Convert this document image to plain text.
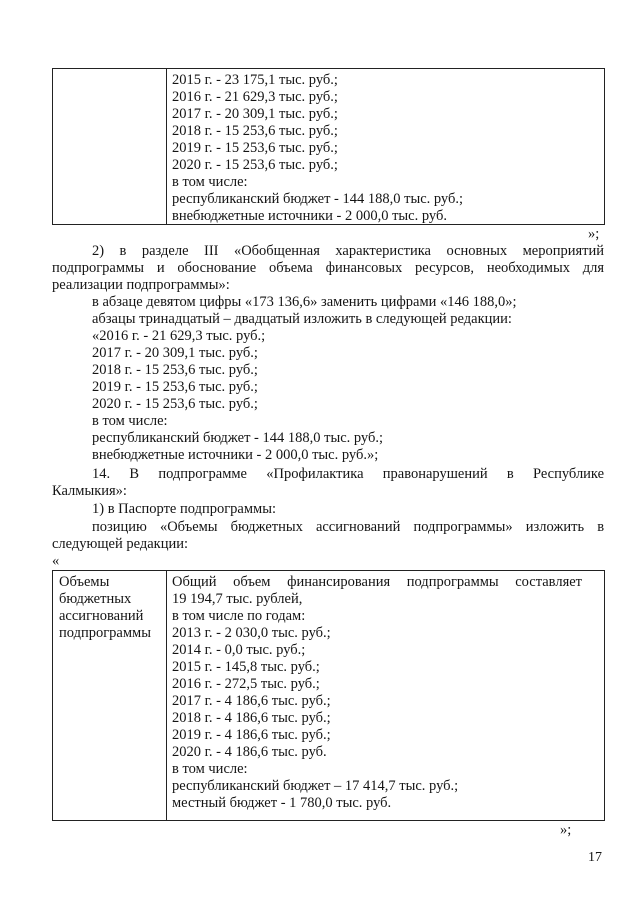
2015 г. - 23 175,1 тыс. руб.;
2016 г. - 21 629,3 тыс. руб.;
2017 г. - 20 309,1 тыс. руб.;
2018 г. - 15 253,6 тыс. руб.;
2019 г. - 15 253,6 тыс. руб.;
2020 г. - 15 253,6 тыс. руб.;
в том числе:
республиканский бюджет - 144 188,0 тыс. руб.;
внебюджетные источники - 2 000,0 тыс. руб.
»;
2) в разделе III «Обобщенная характеристика основных мероприятий
подпрограммы и обоснование объема финансовых ресурсов, необходимых для
реализации подпрограммы»:
в абзаце девятом цифры «173 136,6» заменить цифрами «146 188,0»;
абзацы тринадцатый – двадцатый изложить в следующей редакции:
«2016 г. - 21 629,3 тыс. руб.;
2017 г. - 20 309,1 тыс. руб.;
2018 г. - 15 253,6 тыс. руб.;
2019 г. - 15 253,6 тыс. руб.;
2020 г. - 15 253,6 тыс. руб.;
в том числе:
республиканский бюджет - 144 188,0 тыс. руб.;
внебюджетные источники - 2 000,0 тыс. руб.»;
14. В подпрограмме «Профилактика правонарушений в Республике
Калмыкия»:
1) в Паспорте подпрограммы:
позицию «Объемы бюджетных ассигнований подпрограммы» изложить в
следующей редакции:
«
Объемы
бюджетных
ассигнований
подпрограммы
Общий объем финансирования подпрограммы составляет
19 194,7 тыс. рублей,
в том числе по годам:
2013 г. - 2 030,0 тыс. руб.;
2014 г. - 0,0 тыс. руб.;
2015 г. - 145,8 тыс. руб.;
2016 г. - 272,5 тыс. руб.;
2017 г. - 4 186,6 тыс. руб.;
2018 г. - 4 186,6 тыс. руб.;
2019 г. - 4 186,6 тыс. руб.;
2020 г. - 4 186,6 тыс. руб.
в том числе:
республиканский бюджет – 17 414,7 тыс. руб.;
местный бюджет - 1 780,0 тыс. руб.
»;
17
